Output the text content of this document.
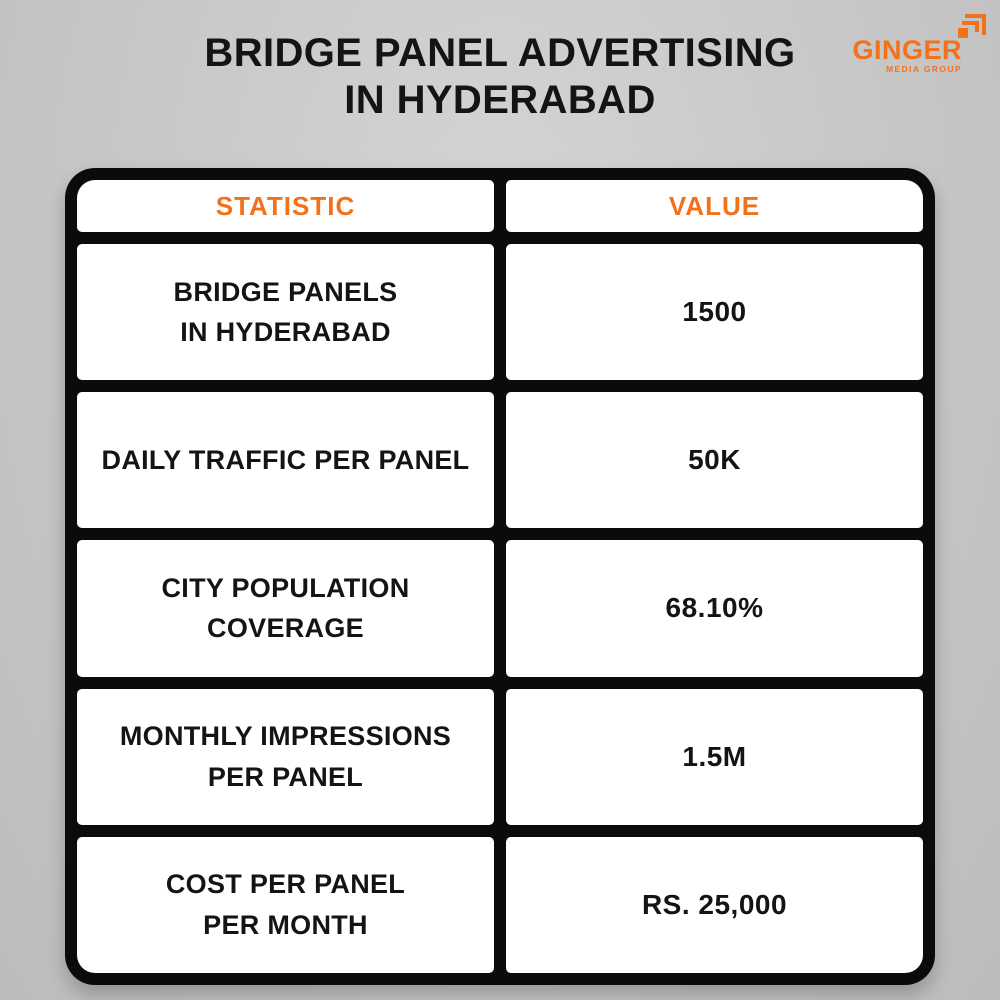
BRIDGE PANEL ADVERTISING
IN HYDERABAD
GINGER
MEDIA GROUP
STATISTIC	VALUE
BRIDGE PANELS
IN HYDERABAD
1500
DAILY TRAFFIC PER PANEL	50K
CITY POPULATION
COVERAGE
68.10%
MONTHLY IMPRESSIONS
PER PANEL
1.5M
COST PER PANEL
PER MONTH
RS. 25,000
